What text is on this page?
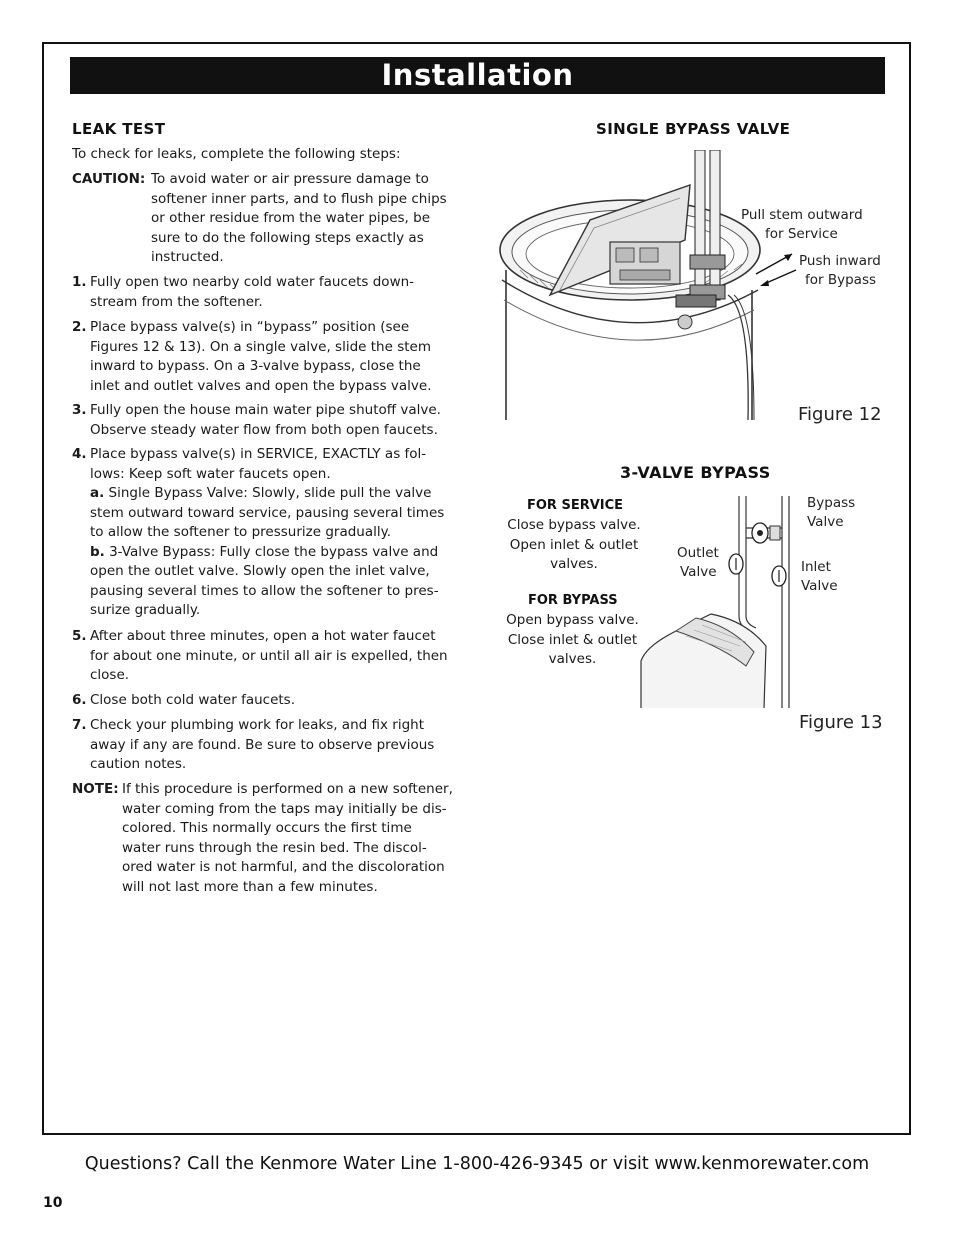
Installation
LEAK TEST
To check for leaks, complete the following steps:
CAUTION: To avoid water or air pressure damage to
softener inner parts, and to flush pipe chips
or other residue from the water pipes, be
sure to do the following steps exactly as
instructed.
1. Fully open two nearby cold water faucets down-
stream from the softener.
2. Place bypass valve(s) in “bypass” position (see
Figures 12 & 13). On a single valve, slide the stem
inward to bypass. On a 3-valve bypass, close the
inlet and outlet valves and open the bypass valve.
3. Fully open the house main water pipe shutoff valve.
Observe steady water flow from both open faucets.
4. Place bypass valve(s) in SERVICE, EXACTLY as fol-
lows: Keep soft water faucets open.
a. Single Bypass Valve: Slowly, slide pull the valve
stem outward toward service, pausing several times
to allow the softener to pressurize gradually.
b. 3-Valve Bypass: Fully close the bypass valve and
open the outlet valve. Slowly open the inlet valve,
pausing several times to allow the softener to pres-
surize gradually.
5. After about three minutes, open a hot water faucet
for about one minute, or until all air is expelled, then
close.
6. Close both cold water faucets.
7. Check your plumbing work for leaks, and fix right
away if any are found. Be sure to observe previous
caution notes.
NOTE: If this procedure is performed on a new softener,
water coming from the taps may initially be dis-
colored. This normally occurs the first time
water runs through the resin bed. The discol-
ored water is not harmful, and the discoloration
will not last more than a few minutes.
SINGLE BYPASS VALVE
Pull stem outward
for Service
Push inward
for Bypass
Figure 12
3-VALVE BYPASS
FOR SERVICE
Close bypass valve.
Open inlet & outlet
valves.
FOR BYPASS
Open bypass valve.
Close inlet & outlet
valves.
Bypass
Valve
Outlet
Valve	Inlet
Valve
Figure 13
Questions? Call the Kenmore Water Line 1-800-426-9345 or visit www.kenmorewater.com
10
